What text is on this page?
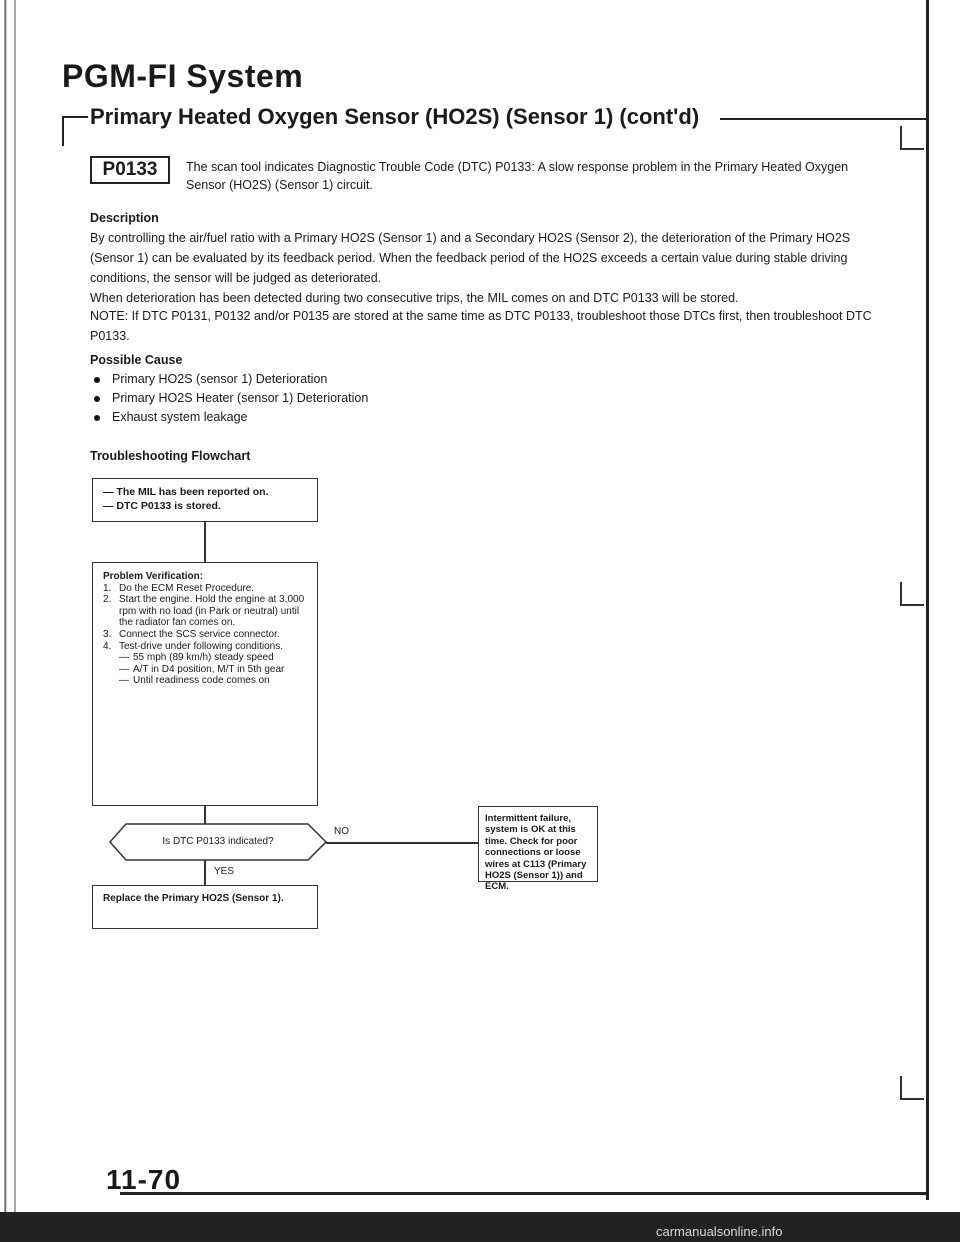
PGM-FI System
Primary Heated Oxygen Sensor (HO2S) (Sensor 1) (cont'd)
P0133	The scan tool indicates Diagnostic Trouble Code (DTC) P0133: A slow response problem in the Primary Heated Oxygen Sensor (HO2S) (Sensor 1) circuit.
Description
By controlling the air/fuel ratio with a Primary HO2S (Sensor 1) and a Secondary HO2S (Sensor 2), the deterioration of the Primary HO2S (Sensor 1) can be evaluated by its feedback period. When the feedback period of the HO2S exceeds a certain value during stable driving conditions, the sensor will be judged as deteriorated.
When deterioration has been detected during two consecutive trips, the MIL comes on and DTC P0133 will be stored.
NOTE: If DTC P0131, P0132 and/or P0135 are stored at the same time as DTC P0133, troubleshoot those DTCs first, then troubleshoot DTC P0133.
Possible Cause
Primary HO2S (sensor 1) Deterioration
Primary HO2S Heater (sensor 1) Deterioration
Exhaust system leakage
Troubleshooting Flowchart
— The MIL has been reported on.
— DTC P0133 is stored.
Problem Verification:
1. Do the ECM Reset Procedure.
2. Start the engine. Hold the engine at 3,000 rpm with no load (in Park or neutral) until the radiator fan comes on.
3. Connect the SCS service connector.
4. Test-drive under following conditions.
— 55 mph (89 km/h) steady speed
— A/T in D4 position, M/T in 5th gear
— Until readiness code comes on
Is DTC P0133 indicated?
NO
Intermittent failure, system is OK at this time. Check for poor connections or loose wires at C113 (Primary HO2S (Sensor 1)) and ECM.
YES
Replace the Primary HO2S (Sensor 1).
11-70
carmanualsonline.info
